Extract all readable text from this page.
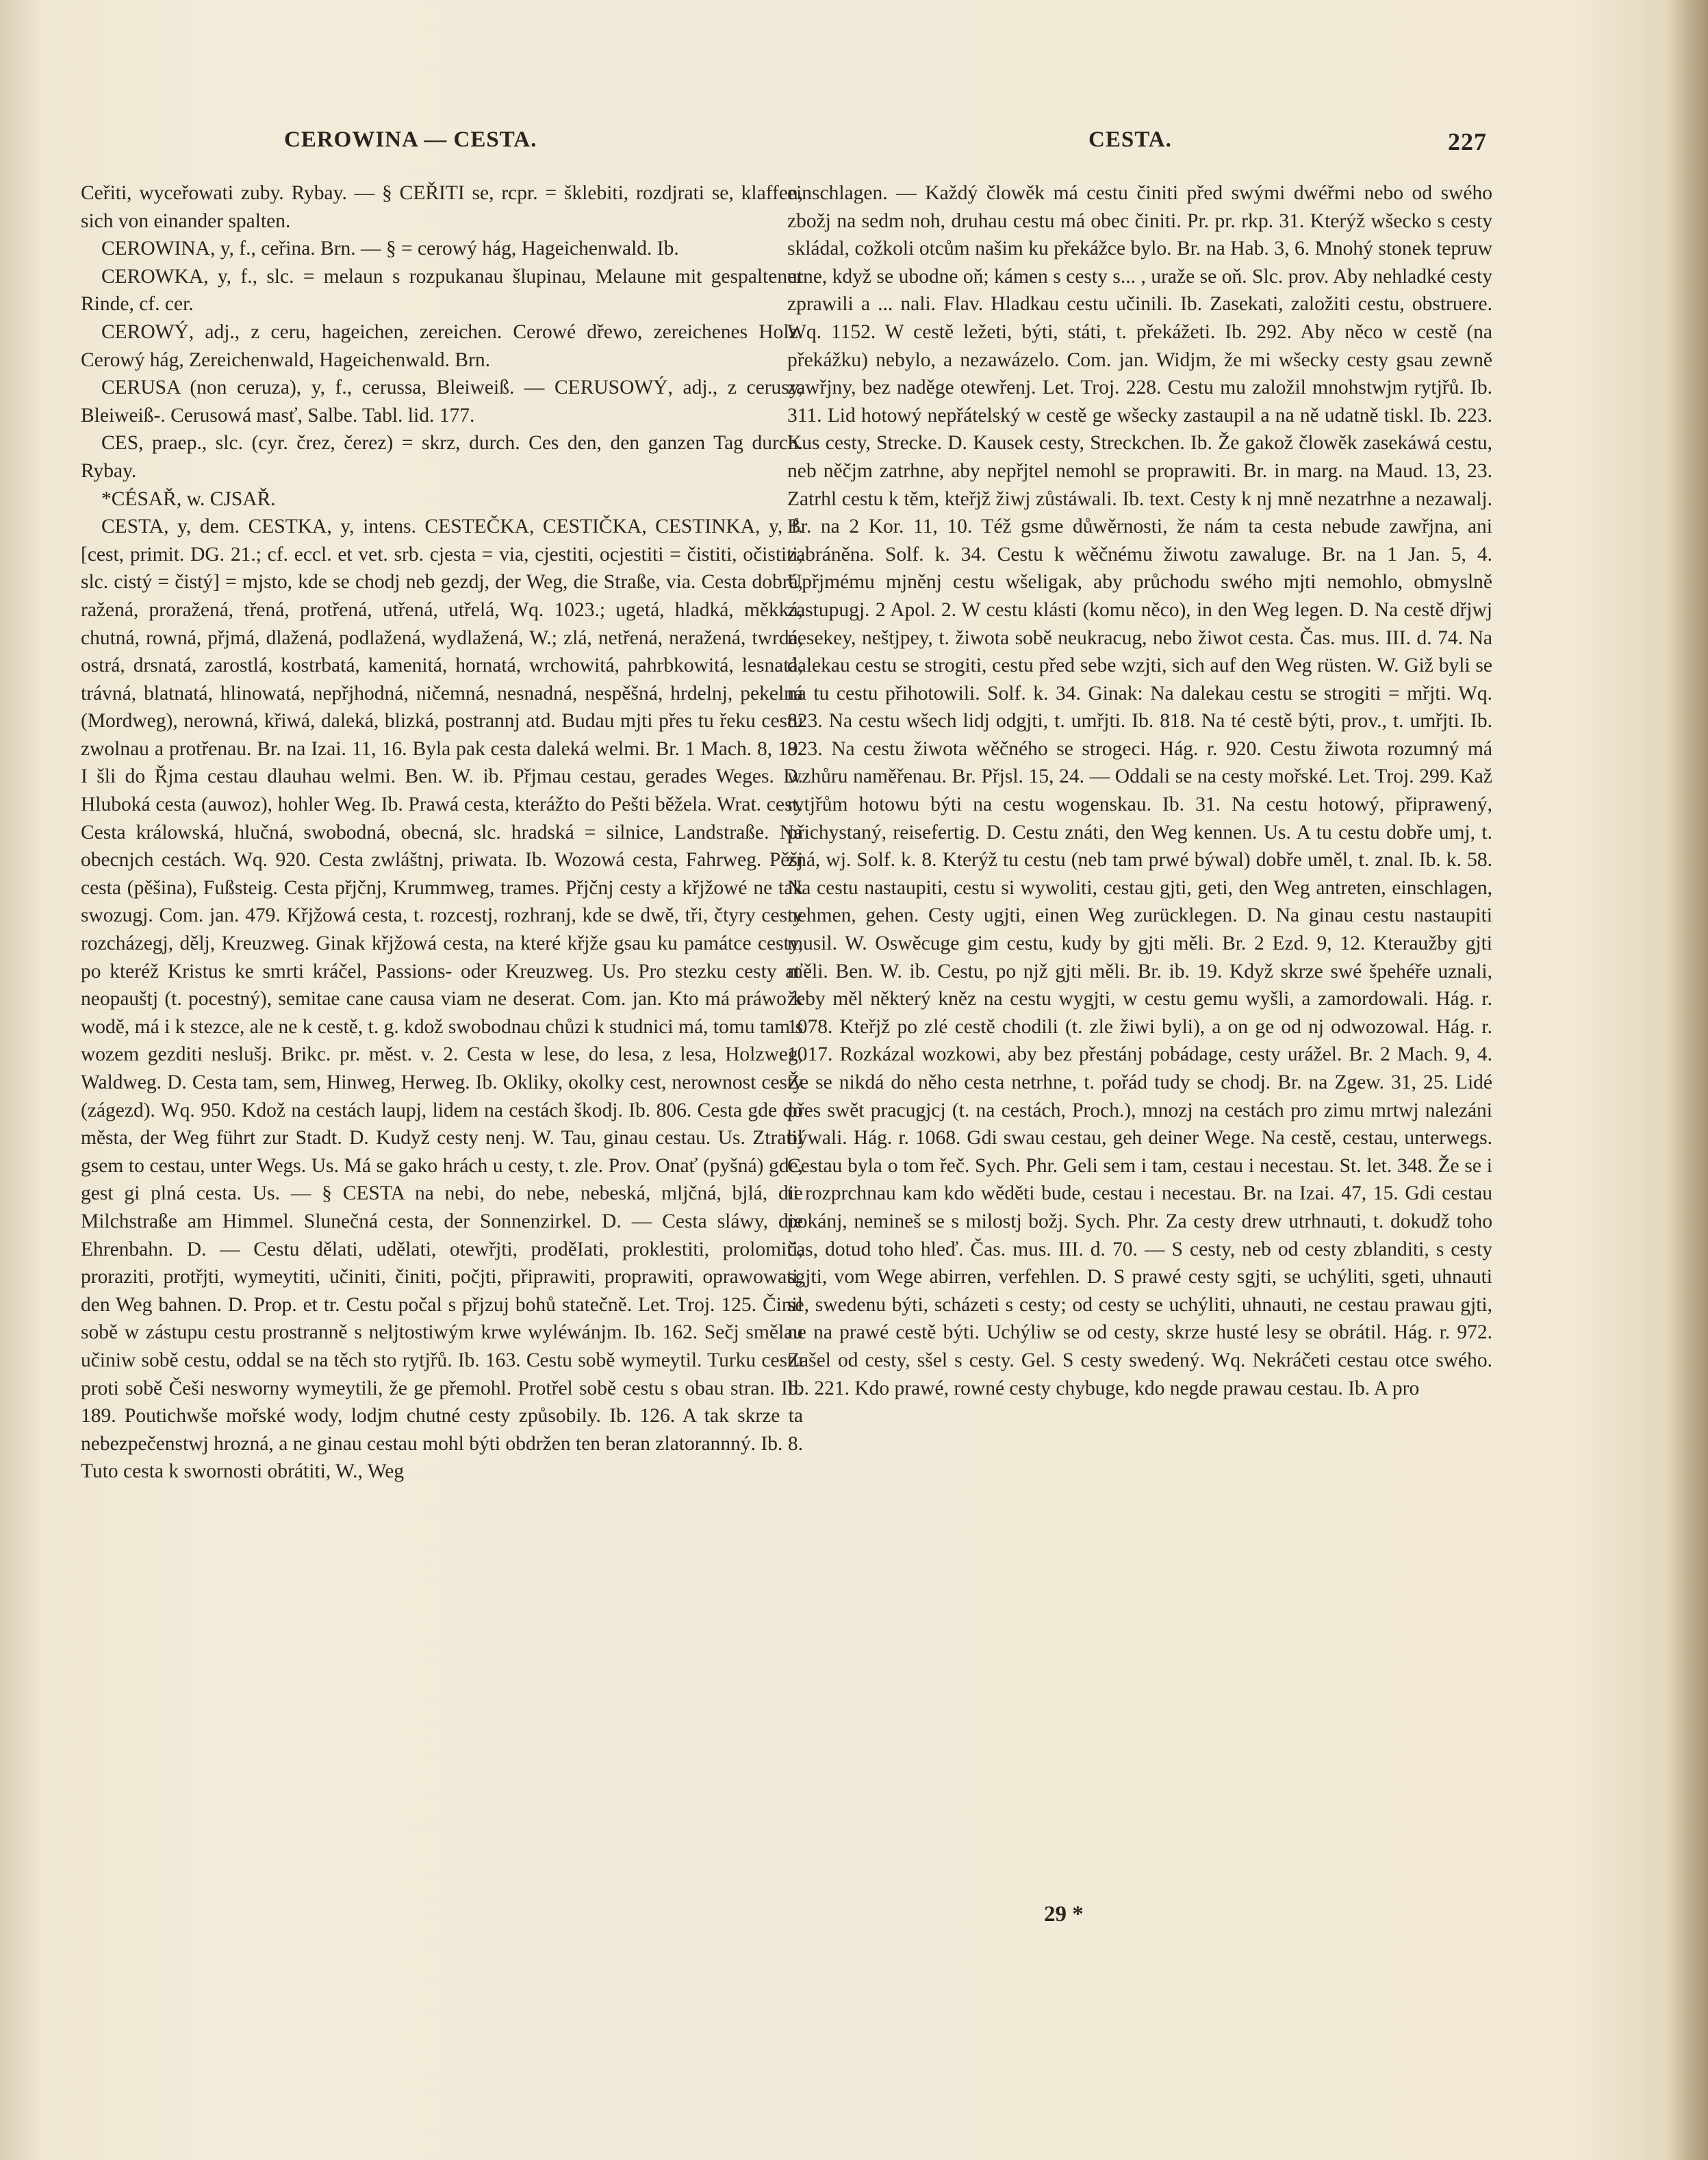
CEROWINA — CESTA.	CESTA.	227

Ceřiti, wyceřowati zuby. Rybay. — § CEŘITI se, rcpr. = šklebiti, rozdjrati se, klaffen, sich von einander spalten.

CEROWINA, y, f., ceřina. Brn. — § = cerowý hág, Hageichenwald. Ib.

CEROWKA, y, f., slc. = melaun s rozpukanau šlupinau, Melaune mit gespaltener Rinde, cf. cer.

CEROWÝ, adj., z ceru, hageichen, zereichen. Cerowé dřewo, zereichenes Holz. Cerowý hág, Zereichenwald, Hageichenwald. Brn.

CERUSA (non ceruza), y, f., cerussa, Bleiweiß. — CERUSOWÝ, adj., z cerusy, Bleiweiß-. Cerusowá masť, Salbe. Tabl. lid. 177.

CES, praep., slc. (cyr. črez, čerez) = skrz, durch. Ces den, den ganzen Tag durch. Rybay.

*CÉSAŘ, w. CJSAŘ.

CESTA, y, dem. CESTKA, y, intens. CESTEČKA, CESTIČKA, CESTINKA, y, f. [cest, primit. DG. 21.; cf. eccl. et vet. srb. cjesta = via, cjestiti, ocjestiti = čistiti, očistiti, slc. cistý = čistý] = mjsto, kde se chodj neb gezdj, der Weg, die Straße, via. Cesta dobrá, ražená, proražená, třená, protřená, utřená, utřelá, Wq. 1023.; ugetá, hladká, měkká, chutná, rowná, přjmá, dlažená, podlažená, wydlažená, W.; zlá, netřená, neražená, twrdá, ostrá, drsnatá, zarostlá, kostrbatá, kamenitá, hornatá, wrchowitá, pahrbkowitá, lesnatá, trávná, blatnatá, hlinowatá, nepřjhodná, ničemná, nesnadná, nespěšná, hrdelnj, pekelná (Mordweg), nerowná, křiwá, daleká, blizká, postrannj atd. Budau mjti přes tu řeku cestu zwolnau a protřenau. Br. na Izai. 11, 16. Byla pak cesta daleká welmi. Br. 1 Mach. 8, 19. I šli do Řjma cestau dlauhau welmi. Ben. W. ib. Přjmau cestau, gerades Weges. D. Hluboká cesta (auwoz), hohler Weg. Ib. Prawá cesta, kterážto do Pešti běžela. Wrat. cest. Cesta králowská, hlučná, swobodná, obecná, slc. hradská = silnice, Landstraße. Na obecnjch cestách. Wq. 920. Cesta zwláštnj, priwata. Ib. Wozowá cesta, Fahrweg. Pěšj cesta (pěšina), Fußsteig. Cesta přjčnj, Krummweg, trames. Přjčnj cesty a křjžowé ne tak swozugj. Com. jan. 479. Křjžowá cesta, t. rozcestj, rozhranj, kde se dwě, tři, čtyry cesty rozcházegj, dělj, Kreuzweg. Ginak křjžowá cesta, na které křjže gsau ku památce cesty, po kteréž Kristus ke smrti kráčel, Passions- oder Kreuzweg. Us. Pro stezku cesty ať neopauštj (t. pocestný), semitae cane causa viam ne deserat. Com. jan. Kto má práwo k wodě, má i k stezce, ale ne k cestě, t. g. kdož swobodnau chůzi k studnici má, tomu tam s wozem gezditi neslušj. Brikc. pr. měst. v. 2. Cesta w lese, do lesa, z lesa, Holzweg, Waldweg. D. Cesta tam, sem, Hinweg, Herweg. Ib. Okliky, okolky cest, nerownost cesty (zágezd). Wq. 950. Kdož na cestách laupj, lidem na cestách škodj. Ib. 806. Cesta gde do města, der Weg führt zur Stadt. D. Kudyž cesty nenj. W. Tau, ginau cestau. Us. Ztratil gsem to cestau, unter Wegs. Us. Má se gako hrách u cesty, t. zle. Prov. Onať (pyšná) gde, gest gi plná cesta. Us. — § CESTA na nebi, do nebe, nebeská, mljčná, bjlá, die Milchstraße am Himmel. Slunečná cesta, der Sonnenzirkel. D. — Cesta sláwy, die Ehrenbahn. D. — Cestu dělati, udělati, otewřjti, proděIati, proklestiti, prolomiti, proraziti, protřjti, wymeytiti, učiniti, činiti, počjti, připrawiti, proprawiti, oprawowati, den Weg bahnen. D. Prop. et tr. Cestu počal s přjzuj bohů statečně. Let. Troj. 125. Činil sobě w zástupu cestu prostranně s neljtostiwým krwe wyléwánjm. Ib. 162. Sečj smělau učiniw sobě cestu, oddal se na těch sto rytjřů. Ib. 163. Cestu sobě wymeytil. Turku cestu proti sobě Češi nesworny wymeytili, že ge přemohl. Protřel sobě cestu s obau stran. Ib. 189. Poutichwše mořské wody, lodjm chutné cesty způsobily. Ib. 126. A tak skrze ta nebezpečenstwj hrozná, a ne ginau cestau mohl býti obdržen ten beran zlatorannný. Ib. 8. Tuto cesta k swornosti obrátiti, W., Weg

einschlagen. — Každý člowěk má cestu činiti před swými dwéřmi nebo od swého zbožj na sedm noh, druhau cestu má obec činiti. Pr. pr. rkp. 31. Kterýž wšecko s cesty skládal, cožkoli otcům našim ku překážce bylo. Br. na Hab. 3, 6. Mnohý stonek tepruw utne, když se ubodne oň; kámen s cesty s... , uraže se oň. Slc. prov. Aby nehladké cesty zprawili a ... nali. Flav. Hladkau cestu učinili. Ib. Zasekati, založiti cestu, obstruere. Wq. 1152. W cestě ležeti, býti, státi, t. překážeti. Ib. 292. Aby něco w cestě (na překážku) nebylo, a nezawázelo. Com. jan. Widjm, že mi wšecky cesty gsau zewně zawřjny, bez naděge otewřenj. Let. Troj. 228. Cestu mu založil mnohstwjm rytjřů. Ib. 311. Lid hotowý nepřátelský w cestě ge wšecky zastaupil a na ně udatně tiskl. Ib. 223. Kus cesty, Strecke. D. Kausek cesty, Streckchen. Ib. Že gakož člowěk zasekáwá cestu, neb něčjm zatrhne, aby nepřjtel nemohl se proprawiti. Br. in marg. na Maud. 13, 23. Zatrhl cestu k těm, kteřjž žiwj zůstáwali. Ib. text. Cesty k nj mně nezatrhne a nezawalj. Br. na 2 Kor. 11, 10. Též gsme důwěrnosti, že nám ta cesta nebude zawřjna, ani zabráněna. Solf. k. 34. Cestu k wěčnému žiwotu zawaluge. Br. na 1 Jan. 5, 4. Upřjmému mjněnj cestu wšeligak, aby průchodu swého mjti nemohlo, obmyslně zastupugj. 2 Apol. 2. W cestu klásti (komu něco), in den Weg legen. D. Na cestě dřjwj nesekey, neštjpey, t. žiwota sobě neukracug, nebo žiwot cesta. Čas. mus. III. d. 74. Na dalekau cestu se strogiti, cestu před sebe wzjti, sich auf den Weg rüsten. W. Giž byli se na tu cestu přihotowili. Solf. k. 34. Ginak: Na dalekau cestu se strogiti = mřjti. Wq. 823. Na cestu wšech lidj odgjti, t. umřjti. Ib. 818. Na té cestě býti, prov., t. umřjti. Ib. 823. Na cestu žiwota wěčného se strogeci. Hág. r. 920. Cestu žiwota rozumný má wzhůru naměřenau. Br. Přjsl. 15, 24. — Oddali se na cesty mořské. Let. Troj. 299. Kaž rytjřům hotowu býti na cestu wogenskau. Ib. 31. Na cestu hotowý, připrawený, přichystaný, reisefertig. D. Cestu znáti, den Weg kennen. Us. A tu cestu dobře umj, t. zná, wj. Solf. k. 8. Kterýž tu cestu (neb tam prwé býwal) dobře uměl, t. znal. Ib. k. 58. Na cestu nastaupiti, cestu si wywoliti, cestau gjti, geti, den Weg antreten, einschlagen, nehmen, gehen. Cesty ugjti, einen Weg zurücklegen. D. Na ginau cestu nastaupiti musil. W. Oswěcuge gim cestu, kudy by gjti měli. Br. 2 Ezd. 9, 12. Kteraužby gjti měli. Ben. W. ib. Cestu, po njž gjti měli. Br. ib. 19. Když skrze swé špehéře uznali, žeby měl některý kněz na cestu wygjti, w cestu gemu wyšli, a zamordowali. Hág. r. 1078. Kteřjž po zlé cestě chodili (t. zle žiwi byli), a on ge od nj odwozowal. Hág. r. 1017. Rozkázal wozkowi, aby bez přestánj pobádage, cesty urážel. Br. 2 Mach. 9, 4. Že se nikdá do něho cesta netrhne, t. pořád tudy se chodj. Br. na Zgew. 31, 25. Lidé přes swět pracugjcj (t. na cestách, Proch.), mnozj na cestách pro zimu mrtwj nalezáni býwali. Hág. r. 1068. Gdi swau cestau, geh deiner Wege. Na cestě, cestau, unterwegs. Cestau byla o tom řeč. Sych. Phr. Geli sem i tam, cestau i necestau. St. let. 348. Že se i ti rozprchnau kam kdo wěděti bude, cestau i necestau. Br. na Izai. 47, 15. Gdi cestau pokánj, nemineš se s milostj božj. Sych. Phr. Za cesty drew utrhnauti, t. dokudž toho čas, dotud toho hleď. Čas. mus. III. d. 70. — S cesty, neb od cesty zblanditi, s cesty sgjti, vom Wege abirren, verfehlen. D. S prawé cesty sgjti, se uchýliti, sgeti, uhnauti se, swedenu býti, scházeti s cesty; od cesty se uchýliti, uhnauti, ne cestau prawau gjti, ne na prawé cestě býti. Uchýliw se od cesty, skrze husté lesy se obrátil. Hág. r. 972. Zašel od cesty, sšel s cesty. Gel. S cesty swedený. Wq. Nekráčeti cestau otce swého. Ib. 221. Kdo prawé, rowné cesty chybuge, kdo negde prawau cestau. Ib. A pro

29 *
